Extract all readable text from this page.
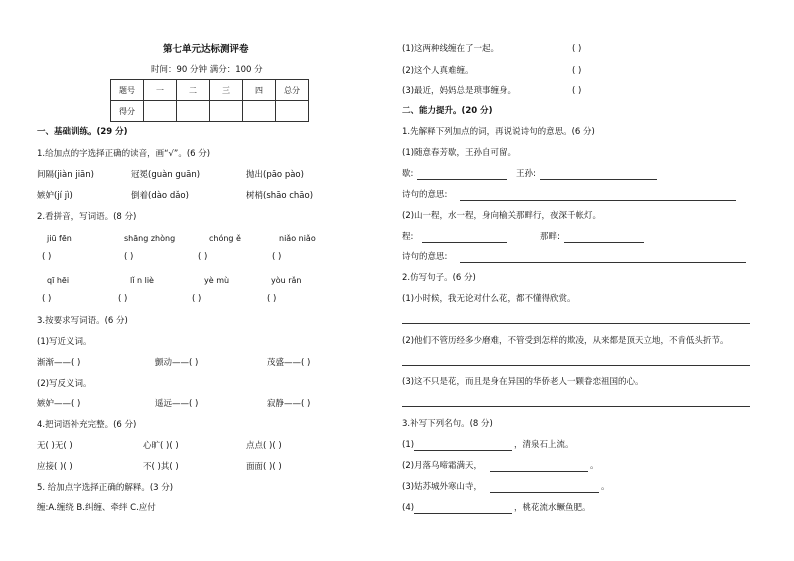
第七单元达标测评卷
时间：90 分钟 满分：100 分
题号	一	二	三	四	总分
得分					
一、基础训练。(29 分)
1.给加点的字选择正确的读音，画“√”。(6 分)
间隔(jiàn jiān)	冠冕(guàn guān)	抛出(pāo pào)
嫉妒(jí jì)	倒着(dào dǎo)	树梢(shāo chāo)
2.看拼音，写词语。(8 分)
jiū fēn	shāng zhòng	chóng ě	niǎo niǎo
( )	( )	( )	( )
qī hēi	lǐ n liè	yè mù	yòu rǎn
( )	( )	( )	( )
3.按要求写词语。(6 分)
(1)写近义词。
渐渐——( )	颤动——( )	茂盛——( )
(2)写反义词。
嫉妒——( )	遥远——( )	寂静——( )
4.把词语补充完整。(6 分)
无( )无( )	心旷( )( )	点点( )( )
应接( )( )	不( )其( )	面面( )( )
5. 给加点字选择正确的解释。(3 分)
缠:A.缠绕 B.纠缠、牵绊 C.应付
(1)这两种线缠在了一起。	( )
(2)这个人真难缠。	( )
(3)最近，妈妈总是琐事缠身。	( )
二、能力提升。(20 分)
1.先解释下列加点的词，再说说诗句的意思。(6 分)
(1)随意春芳歇，王孙自可留。
歇:	王孙:
诗句的意思:
(2)山一程，水一程，身向榆关那畔行，夜深千帐灯。
程:	那畔:
诗句的意思:
2.仿写句子。(6 分)
(1)小时候，我无论对什么花，都不懂得欣赏。
(2)他们不管历经多少磨难，不管受到怎样的欺凌，从来都是顶天立地，不肯低头折节。
(3)这不只是花，而且是身在异国的华侨老人一颗眷恋祖国的心。
3.补写下列名句。(8 分)
(1)	，清泉石上流。
(2)月落乌啼霜满天，	。
(3)姑苏城外寒山寺，	。
(4)	，桃花流水鳜鱼肥。
